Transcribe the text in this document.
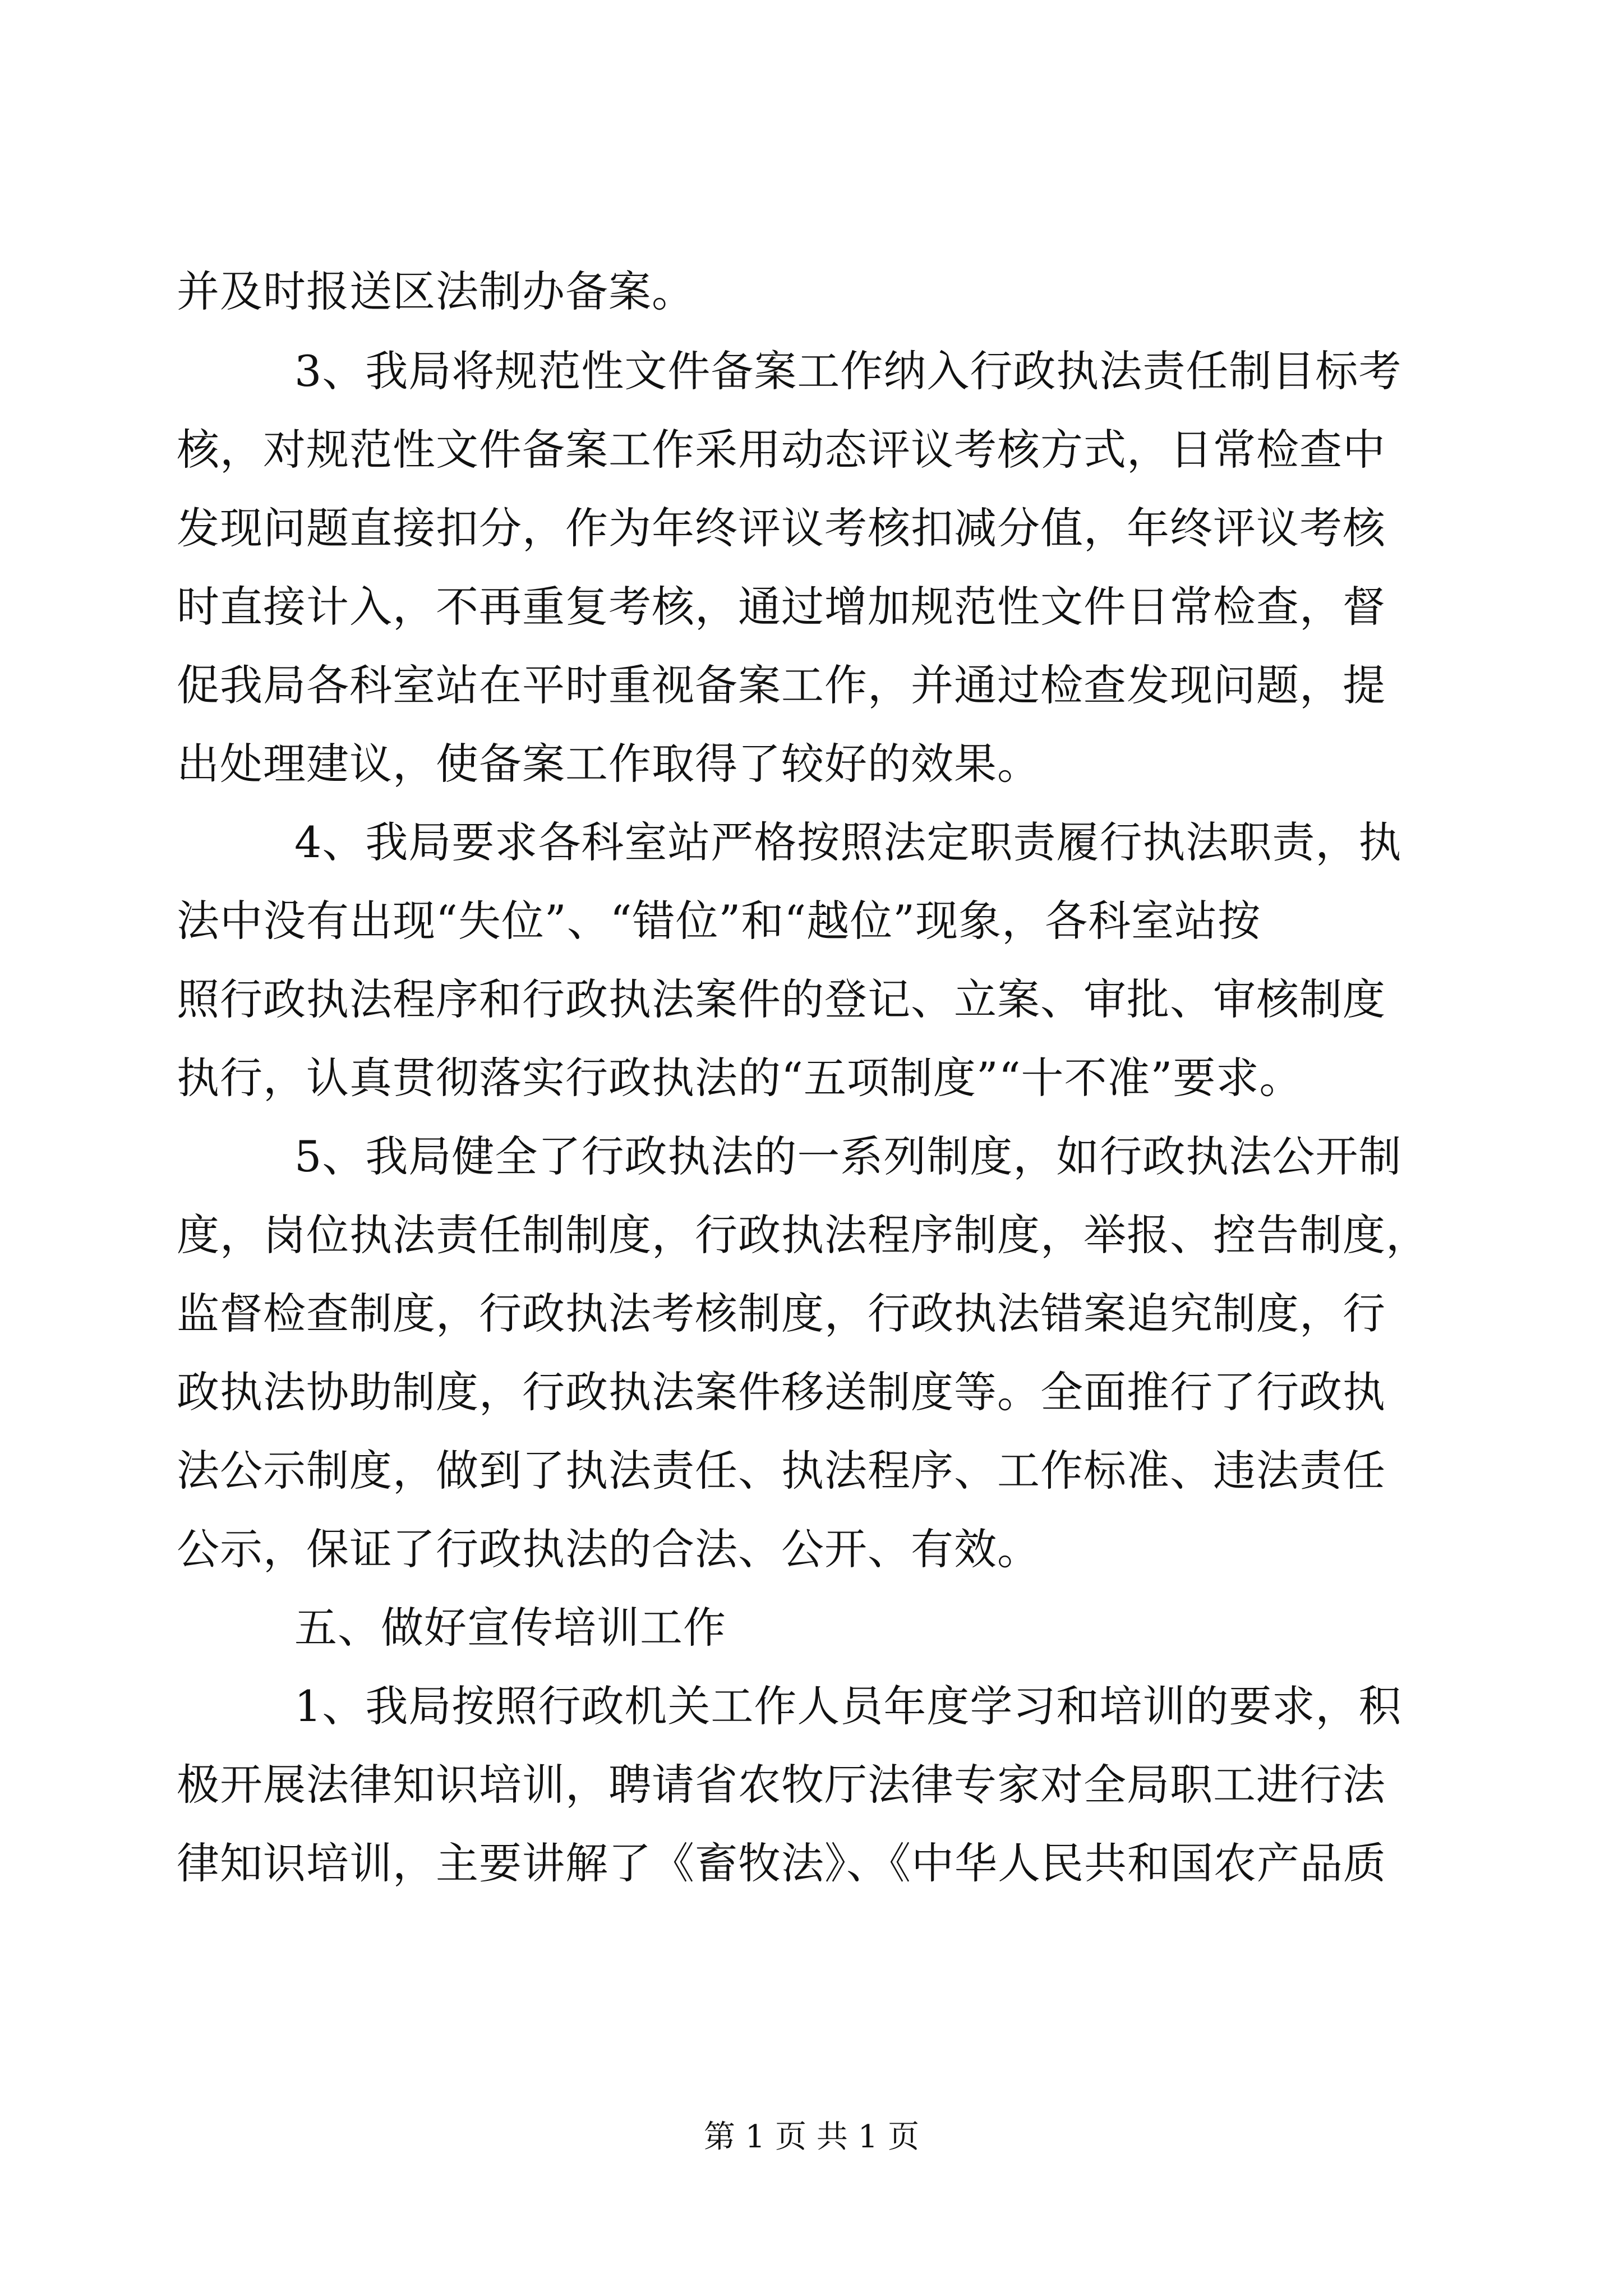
并及时报送区法制办备案。
3、我局将规范性文件备案工作纳入行政执法责任制目标考
核，对规范性文件备案工作采用动态评议考核方式，日常检查中
发现问题直接扣分，作为年终评议考核扣减分值，年终评议考核
时直接计入，不再重复考核，通过增加规范性文件日常检查，督
促我局各科室站在平时重视备案工作，并通过检查发现问题，提
出处理建议，使备案工作取得了较好的效果。
4、我局要求各科室站严格按照法定职责履行执法职责，执
法中没有出现“失位”、“错位”和“越位”现象，各科室站按
照行政执法程序和行政执法案件的登记、立案、审批、审核制度
执行，认真贯彻落实行政执法的“五项制度”“十不准”要求。
5、我局健全了行政执法的一系列制度，如行政执法公开制
度，岗位执法责任制制度，行政执法程序制度，举报、控告制度，
监督检查制度，行政执法考核制度，行政执法错案追究制度，行
政执法协助制度，行政执法案件移送制度等。全面推行了行政执
法公示制度，做到了执法责任、执法程序、工作标准、违法责任
公示，保证了行政执法的合法、公开、有效。
五、做好宣传培训工作
1、我局按照行政机关工作人员年度学习和培训的要求，积
极开展法律知识培训，聘请省农牧厅法律专家对全局职工进行法
律知识培训，主要讲解了《畜牧法》、《中华人民共和国农产品质
第 1 页 共 1 页
